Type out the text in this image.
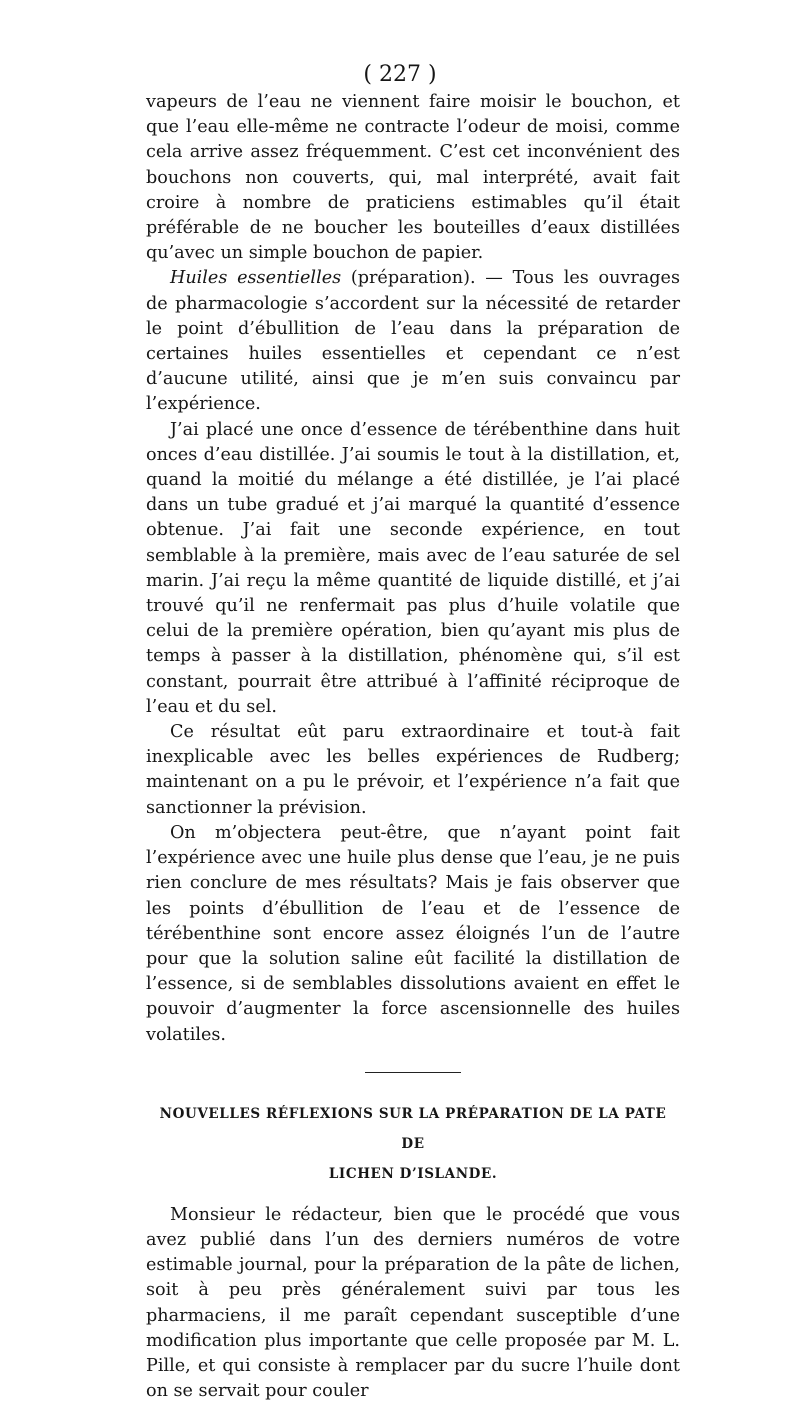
( 227 )

vapeurs de l’eau ne viennent faire moisir le bouchon, et que l’eau elle-même ne contracte l’odeur de moisi, comme cela arrive assez fréquemment. C’est cet inconvénient des bouchons non couverts, qui, mal interprété, avait fait croire à nombre de praticiens estimables qu’il était préférable de ne boucher les bouteilles d’eaux distillées qu’avec un simple bouchon de papier.

Huiles essentielles (préparation). — Tous les ouvrages de pharmacologie s’accordent sur la nécessité de retarder le point d’ébullition de l’eau dans la préparation de certaines huiles essentielles et cependant ce n’est d’aucune utilité, ainsi que je m’en suis convaincu par l’expérience.

J’ai placé une once d’essence de térébenthine dans huit onces d’eau distillée. J’ai soumis le tout à la distillation, et, quand la moitié du mélange a été distillée, je l’ai placé dans un tube gradué et j’ai marqué la quantité d’essence obtenue. J’ai fait une seconde expérience, en tout semblable à la première, mais avec de l’eau saturée de sel marin. J’ai reçu la même quantité de liquide distillé, et j’ai trouvé qu’il ne renfermait pas plus d’huile volatile que celui de la première opération, bien qu’ayant mis plus de temps à passer à la distillation, phénomène qui, s’il est constant, pourrait être attribué à l’affinité réciproque de l’eau et du sel.

Ce résultat eût paru extraordinaire et tout-à fait inexplicable avec les belles expériences de Rudberg; maintenant on a pu le prévoir, et l’expérience n’a fait que sanctionner la prévision.

On m’objectera peut-être, que n’ayant point fait l’expérience avec une huile plus dense que l’eau, je ne puis rien conclure de mes résultats? Mais je fais observer que les points d’ébullition de l’eau et de l’essence de térébenthine sont encore assez éloignés l’un de l’autre pour que la solution saline eût facilité la distillation de l’essence, si de semblables dissolutions avaient en effet le pouvoir d’augmenter la force ascensionnelle des huiles volatiles.

NOUVELLES RÉFLEXIONS SUR LA PRÉPARATION DE LA PATE DE

LICHEN D’ISLANDE.

Monsieur le rédacteur, bien que le procédé que vous avez publié dans l’un des derniers numéros de votre estimable journal, pour la préparation de la pâte de lichen, soit à peu près généralement suivi par tous les pharmaciens, il me paraît cependant susceptible d’une modification plus importante que celle proposée par M. L. Pille, et qui consiste à remplacer par du sucre l’huile dont on se servait pour couler
